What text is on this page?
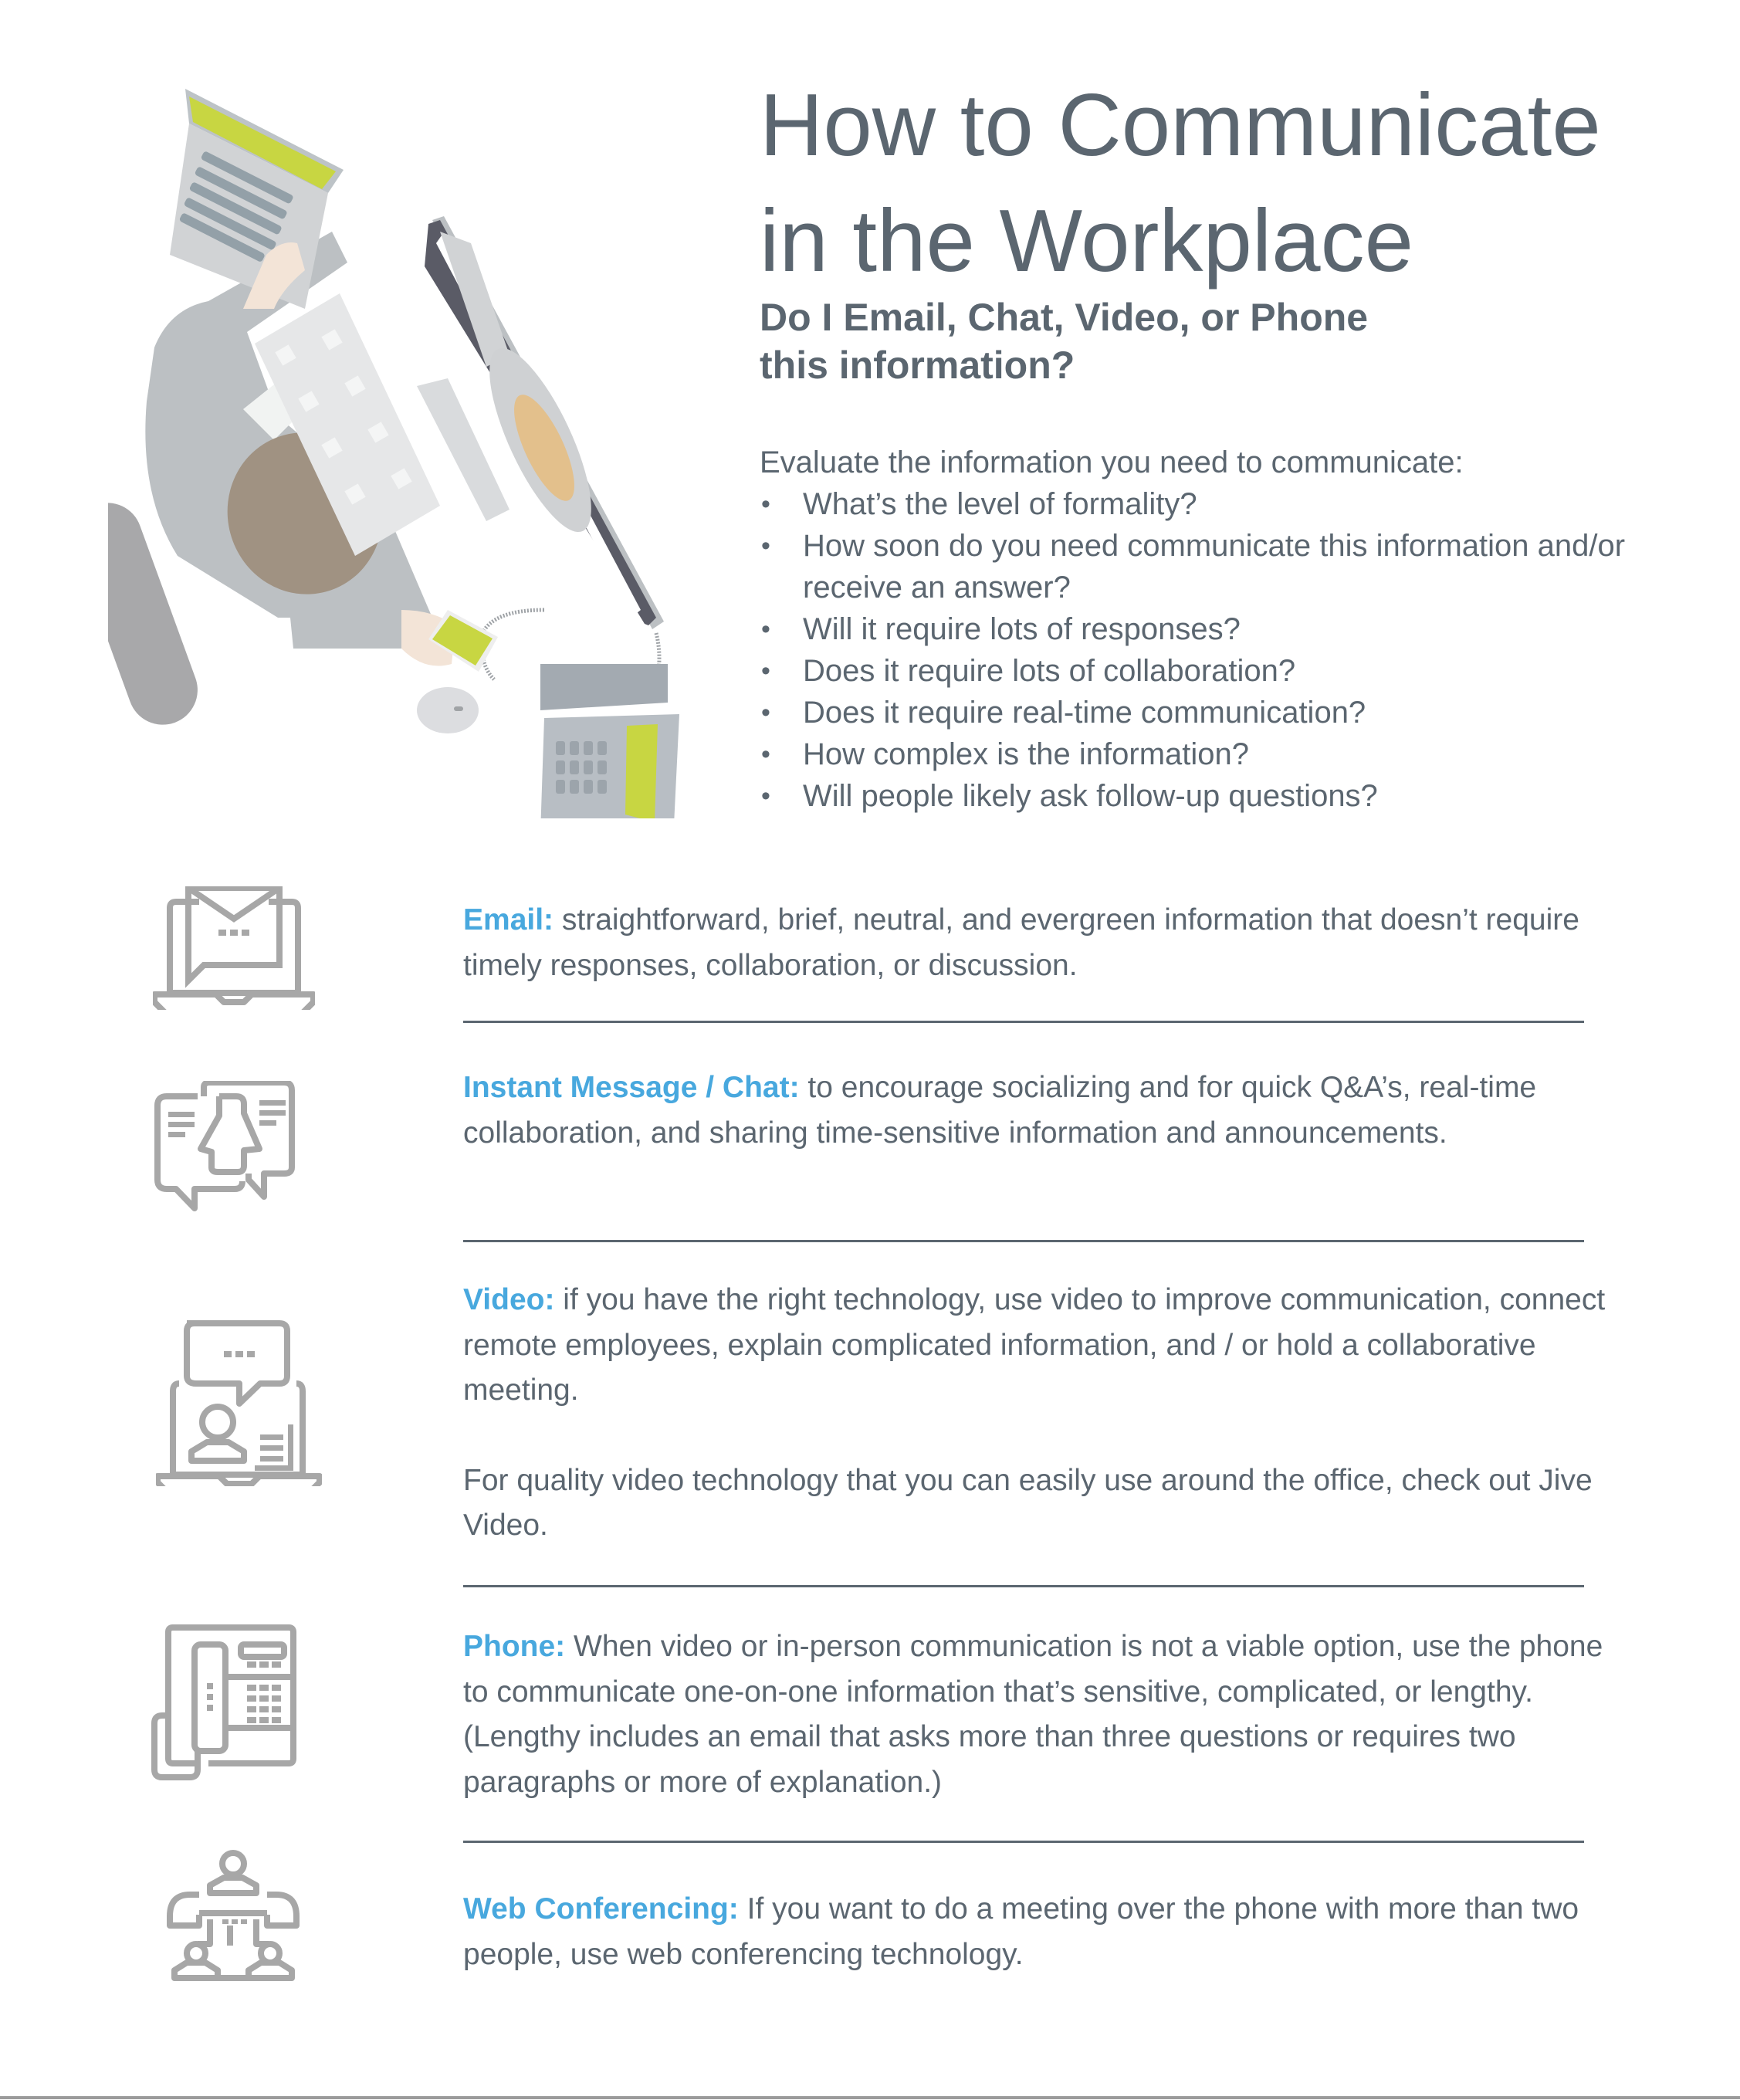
How to Communicate
in the Workplace
Do I Email, Chat, Video, or Phone
this information?
Evaluate the information you need to communicate:
• What’s the level of formality?
• How soon do you need communicate this information and/or receive an answer?
• Will it require lots of responses?
• Does it require lots of collaboration?
• Does it require real-time communication?
• How complex is the information?
• Will people likely ask follow-up questions?

Email: straightforward, brief, neutral, and evergreen information that doesn’t require timely responses, collaboration, or discussion.

Instant Message / Chat: to encourage socializing and for quick Q&A’s, real-time collaboration, and sharing time-sensitive information and announcements.

Video: if you have the right technology, use video to improve communication, connect remote employees, explain complicated information, and / or hold a collaborative meeting.

For quality video technology that you can easily use around the office, check out Jive Video.

Phone: When video or in-person communication is not a viable option, use the phone to communicate one-on-one information that’s sensitive, complicated, or lengthy. (Lengthy includes an email that asks more than three questions or requires two paragraphs or more of explanation.)

Web Conferencing: If you want to do a meeting over the phone with more than two people, use web conferencing technology.
